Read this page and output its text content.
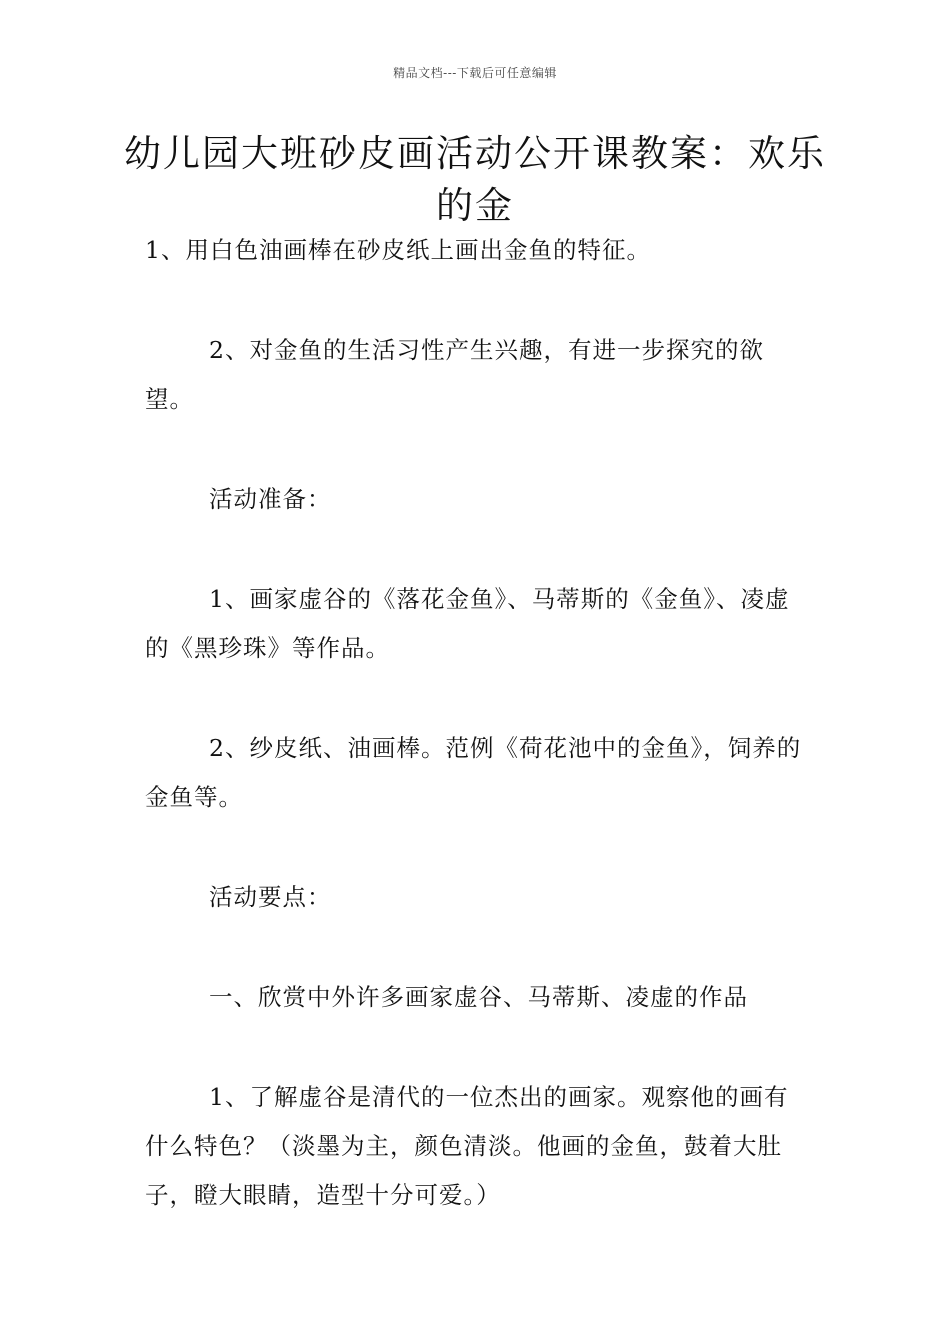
精品文档---下载后可任意编辑
幼儿园大班砂皮画活动公开课教案：欢乐的金

1、用白色油画棒在砂皮纸上画出金鱼的特征。

2、对金鱼的生活习性产生兴趣，有进一步探究的欲望。

活动准备：

1、画家虚谷的《落花金鱼》、马蒂斯的《金鱼》、凌虚的《黑珍珠》等作品。

2、纱皮纸、油画棒。范例《荷花池中的金鱼》，饲养的金鱼等。

活动要点：

一、欣赏中外许多画家虚谷、马蒂斯、凌虚的作品

1、了解虚谷是清代的一位杰出的画家。观察他的画有什么特色？（淡墨为主，颜色清淡。他画的金鱼，鼓着大肚子，瞪大眼睛，造型十分可爱。）
